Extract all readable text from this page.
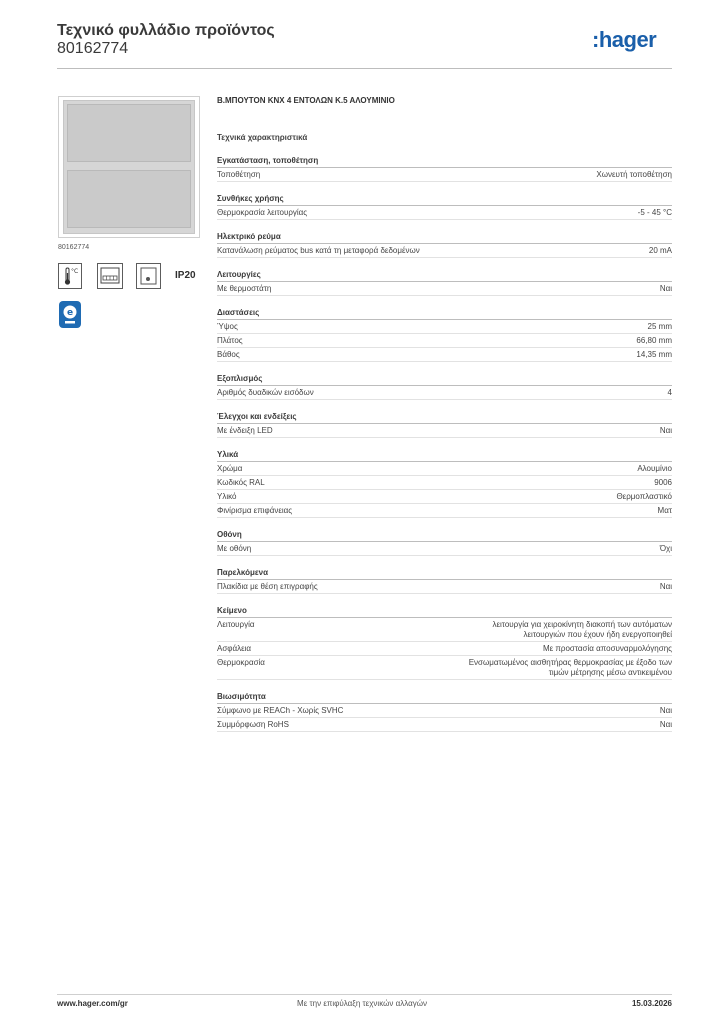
Τεχνικό φυλλάδιο προϊόντος
80162774	:hager
80162774
°C	IP20
e
Β.ΜΠΟΥΤΟΝ KNX 4 ΕΝΤΟΛΩΝ Κ.5 ΑΛΟΥΜΙΝΙΟ
Τεχνικά χαρακτηριστικά
Εγκατάσταση, τοποθέτηση
Τοποθέτηση	Χωνευτή τοποθέτηση
Συνθήκες χρήσης
Θερμοκρασία λειτουργίας	-5 - 45 °C
Ηλεκτρικό ρεύμα
Κατανάλωση ρεύματος bus κατά τη μεταφορά δεδομένων	20 mA
Λειτουργίες
Με θερμοστάτη	Ναι
Διαστάσεις
Ύψος	25 mm
Πλάτος	66,80 mm
Βάθος	14,35 mm
Εξοπλισμός
Αριθμός δυαδικών εισόδων	4
Έλεγχοι και ενδείξεις
Με ένδειξη LED	Ναι
Υλικά
Χρώμα	Αλουμίνιο
Κωδικός RAL	9006
Υλικό	Θερμοπλαστικό
Φινίρισμα επιφάνειας	Ματ
Οθόνη
Με οθόνη	Όχι
Παρελκόμενα
Πλακίδια με θέση επιγραφής	Ναι
Κείμενο
Λειτουργία	λειτουργία για χειροκίνητη διακοπή των αυτόματων λειτουργιών που έχουν ήδη ενεργοποιηθεί
Ασφάλεια	Με προστασία αποσυναρμολόγησης
Θερμοκρασία	Ενσωματωμένος αισθητήρας θερμοκρασίας με έξοδο των τιμών μέτρησης μέσω αντικειμένου
Βιωσιμότητα
Σύμφωνο με REACh - Χωρίς SVHC	Ναι
Συμμόρφωση RoHS	Ναι
www.hager.com/gr	Με την επιφύλαξη τεχνικών αλλαγών	15.03.2026
